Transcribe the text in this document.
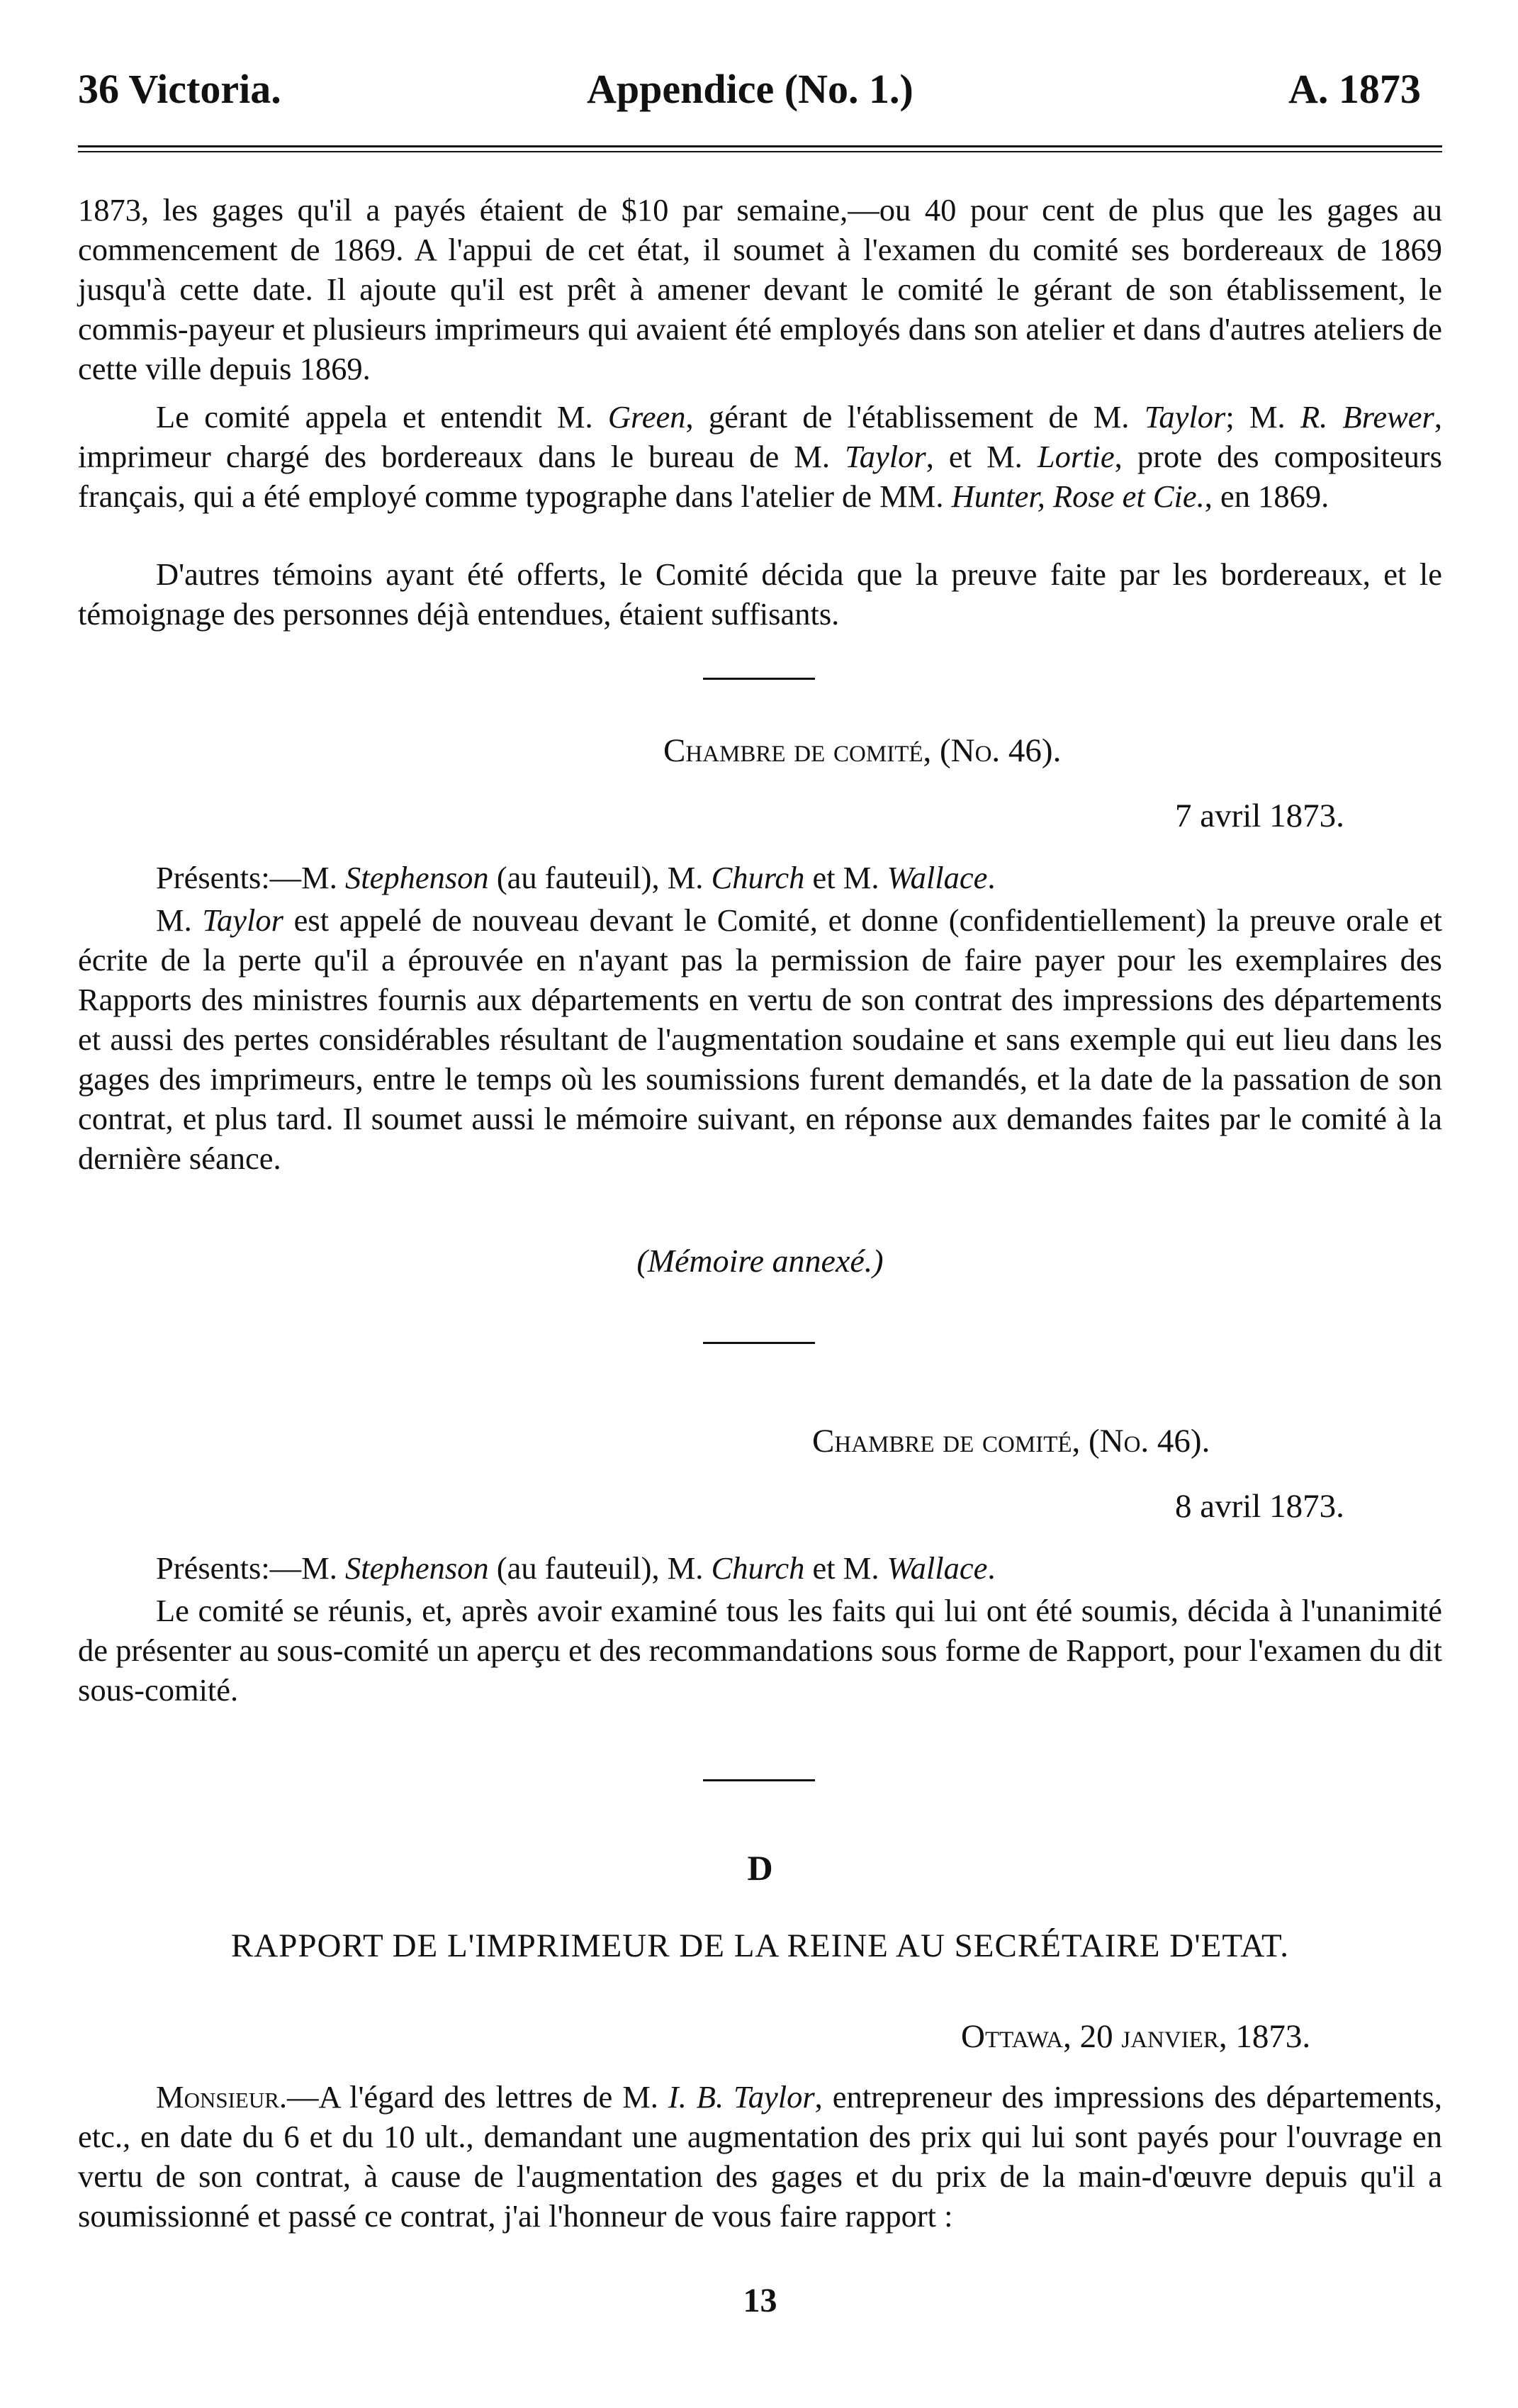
36 Victoria.	Appendice (No. 1.)	A. 1873
1873, les gages qu'il a payés étaient de $10 par semaine,—ou 40 pour cent de plus que les gages au commencement de 1869. A l'appui de cet état, il soumet à l'examen du comité ses bordereaux de 1869 jusqu'à cette date. Il ajoute qu'il est prêt à amener devant le comité le gérant de son établissement, le commis-payeur et plusieurs imprimeurs qui avaient été employés dans son atelier et dans d'autres ateliers de cette ville depuis 1869.
Le comité appela et entendit M. Green, gérant de l'établissement de M. Taylor; M. R. Brewer, imprimeur chargé des bordereaux dans le bureau de M. Taylor, et M. Lortie, prote des compositeurs français, qui a été employé comme typographe dans l'atelier de MM. Hunter, Rose et Cie., en 1869.
D'autres témoins ayant été offerts, le Comité décida que la preuve faite par les bordereaux, et le témoignage des personnes déjà entendues, étaient suffisants.
Chambre de comité, (No. 46).
7 avril 1873.
Présents:—M. Stephenson (au fauteuil), M. Church et M. Wallace.
M. Taylor est appelé de nouveau devant le Comité, et donne (confidentiellement) la preuve orale et écrite de la perte qu'il a éprouvée en n'ayant pas la permission de faire payer pour les exemplaires des Rapports des ministres fournis aux départements en vertu de son contrat des impressions des départements et aussi des pertes considérables résultant de l'augmentation soudaine et sans exemple qui eut lieu dans les gages des imprimeurs, entre le temps où les soumissions furent demandés, et la date de la passation de son contrat, et plus tard. Il soumet aussi le mémoire suivant, en réponse aux demandes faites par le comité à la dernière séance.
(Mémoire annexé.)
Chambre de comité, (No. 46).
8 avril 1873.
Présents:—M. Stephenson (au fauteuil), M. Church et M. Wallace.
Le comité se réunis, et, après avoir examiné tous les faits qui lui ont été soumis, décida à l'unanimité de présenter au sous-comité un aperçu et des recommandations sous forme de Rapport, pour l'examen du dit sous-comité.
D
RAPPORT DE L'IMPRIMEUR DE LA REINE AU SECRÉTAIRE D'ETAT.
Ottawa, 20 janvier, 1873.
Monsieur.—A l'égard des lettres de M. I. B. Taylor, entrepreneur des impressions des départements, etc., en date du 6 et du 10 ult., demandant une augmentation des prix qui lui sont payés pour l'ouvrage en vertu de son contrat, à cause de l'augmentation des gages et du prix de la main-d'œuvre depuis qu'il a soumissionné et passé ce contrat, j'ai l'honneur de vous faire rapport :
13
